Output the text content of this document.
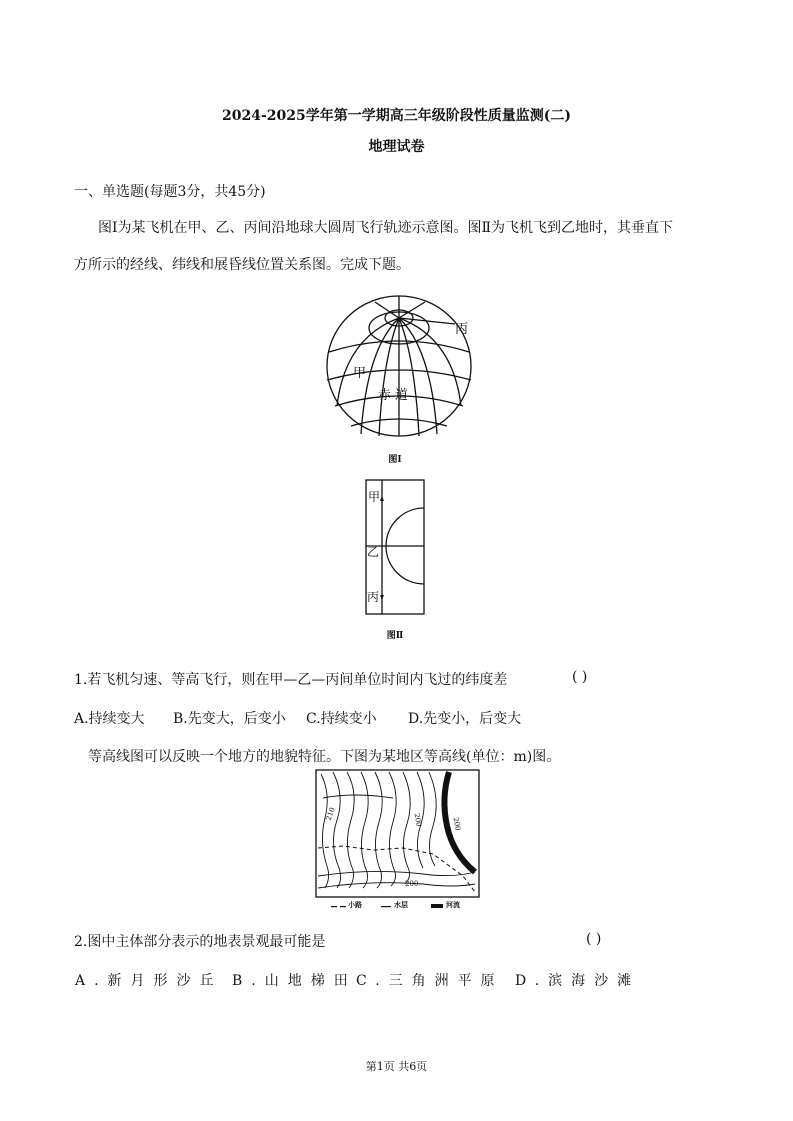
2024-2025学年第一学期高三年级阶段性质量监测(二)
地理试卷
一、单选题(每题3分，共45分)
图Ⅰ为某飞机在甲、乙、丙间沿地球大圆周飞行轨迹示意图。图Ⅱ为飞机飞到乙地时，其垂直下
方所示的经线、纬线和展昏线位置关系图。完成下题。
丙
甲
赤道
图Ⅰ
甲
乙
丙
图Ⅱ
1.若飞机匀速、等高飞行，则在甲—乙—丙间单位时间内飞过的纬度差	( )
A.持续变大 B.先变大，后变小 C.持续变小 D.先变小，后变大
等高线图可以反映一个地方的地貌特征。下图为某地区等高线(单位：m)图。
210	200	200
200
小路	水层	河流
2.图中主体部分表示的地表景观最可能是	( )
A.新月形沙丘 B.山地梯田 C.三角洲平原 D.滨海沙滩
第1页 共6页
